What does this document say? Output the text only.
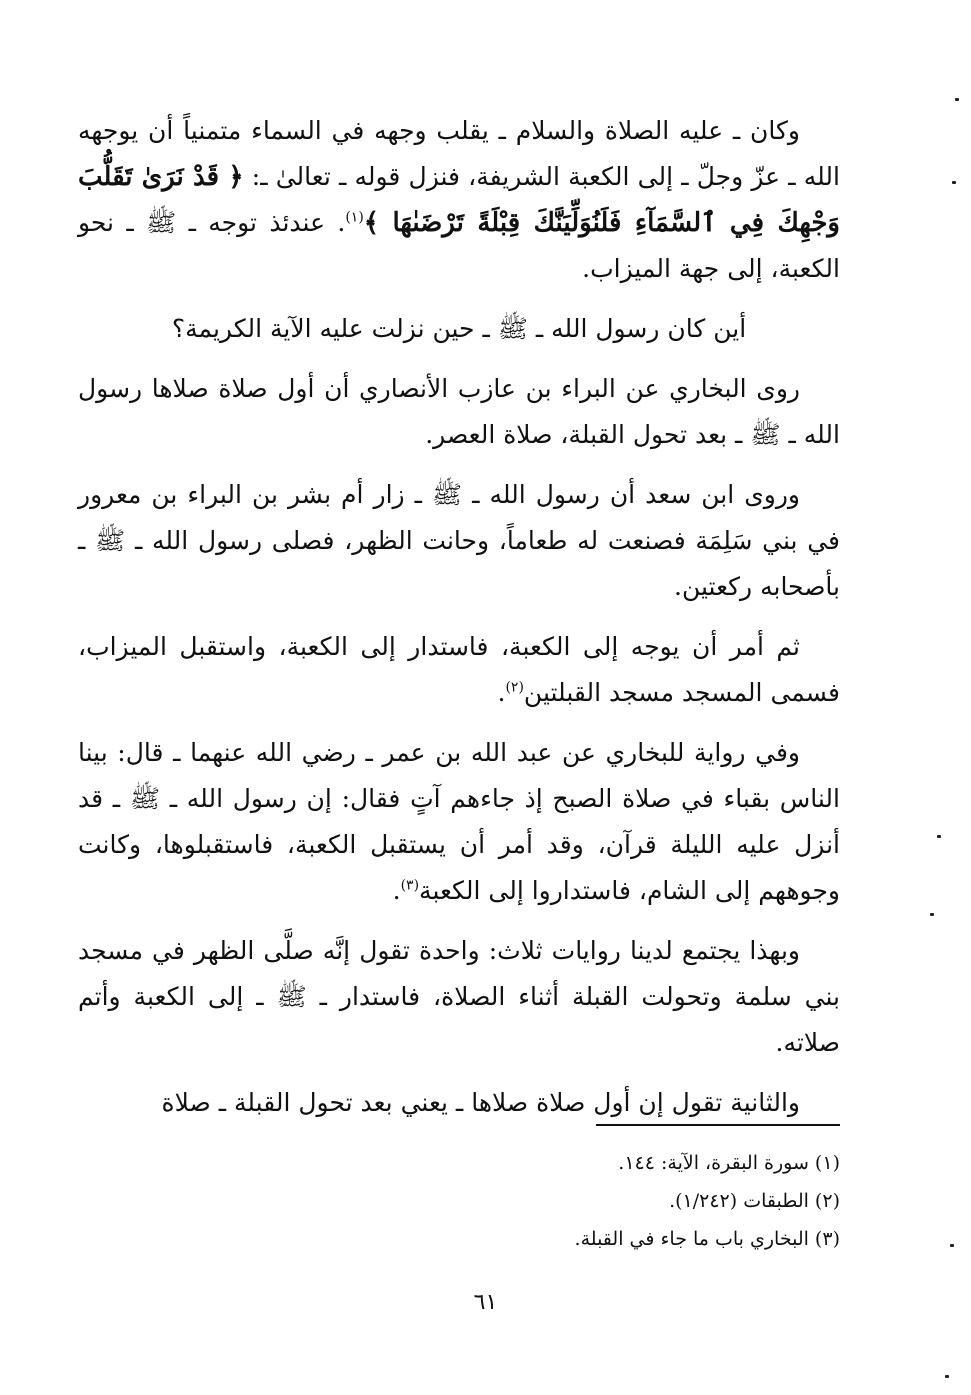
وكان ـ عليه الصلاة والسلام ـ يقلب وجهه في السماء متمنياً أن يوجهه الله ـ عزّ وجلّ ـ إلى الكعبة الشريفة، فنزل قوله ـ تعالىٰ ـ: ﴿ قَدْ نَرَىٰ تَقَلُّبَ وَجْهِكَ فِي ٱلسَّمَآءِ فَلَنُوَلِّيَنَّكَ قِبْلَةً تَرْضَىٰهَا ﴾$^{(١)}$. عندئذ توجه ـ ﷺ ـ نحو الكعبة، إلى جهة الميزاب.

أين كان رسول الله ـ ﷺ ـ حين نزلت عليه الآية الكريمة؟

روى البخاري عن البراء بن عازب الأنصاري أن أول صلاة صلاها رسول الله ـ ﷺ ـ بعد تحول القبلة، صلاة العصر.

وروى ابن سعد أن رسول الله ـ ﷺ ـ زار أم بشر بن البراء بن معرور في بني سَلِمَة فصنعت له طعاماً، وحانت الظهر، فصلى رسول الله ـ ﷺ ـ بأصحابه ركعتين.

ثم أمر أن يوجه إلى الكعبة، فاستدار إلى الكعبة، واستقبل الميزاب، فسمى المسجد مسجد القبلتين$^{(٢)}$.

وفي رواية للبخاري عن عبد الله بن عمر ـ رضي الله عنهما ـ قال: بينا الناس بقباء في صلاة الصبح إذ جاءهم آتٍ فقال: إن رسول الله ـ ﷺ ـ قد أنزل عليه الليلة قرآن، وقد أمر أن يستقبل الكعبة، فاستقبلوها، وكانت وجوههم إلى الشام، فاستداروا إلى الكعبة$^{(٣)}$.

وبهذا يجتمع لدينا روايات ثلاث: واحدة تقول إنَّه صلَّى الظهر في مسجد بني سلمة وتحولت القبلة أثناء الصلاة، فاستدار ـ ﷺ ـ إلى الكعبة وأتم صلاته.

والثانية تقول إن أول صلاة صلاها ـ يعني بعد تحول القبلة ـ صلاة

(١) سورة البقرة، الآية: ١٤٤.

(٢) الطبقات (١/٢٤٢).

(٣) البخاري باب ما جاء في القبلة.

٦١
